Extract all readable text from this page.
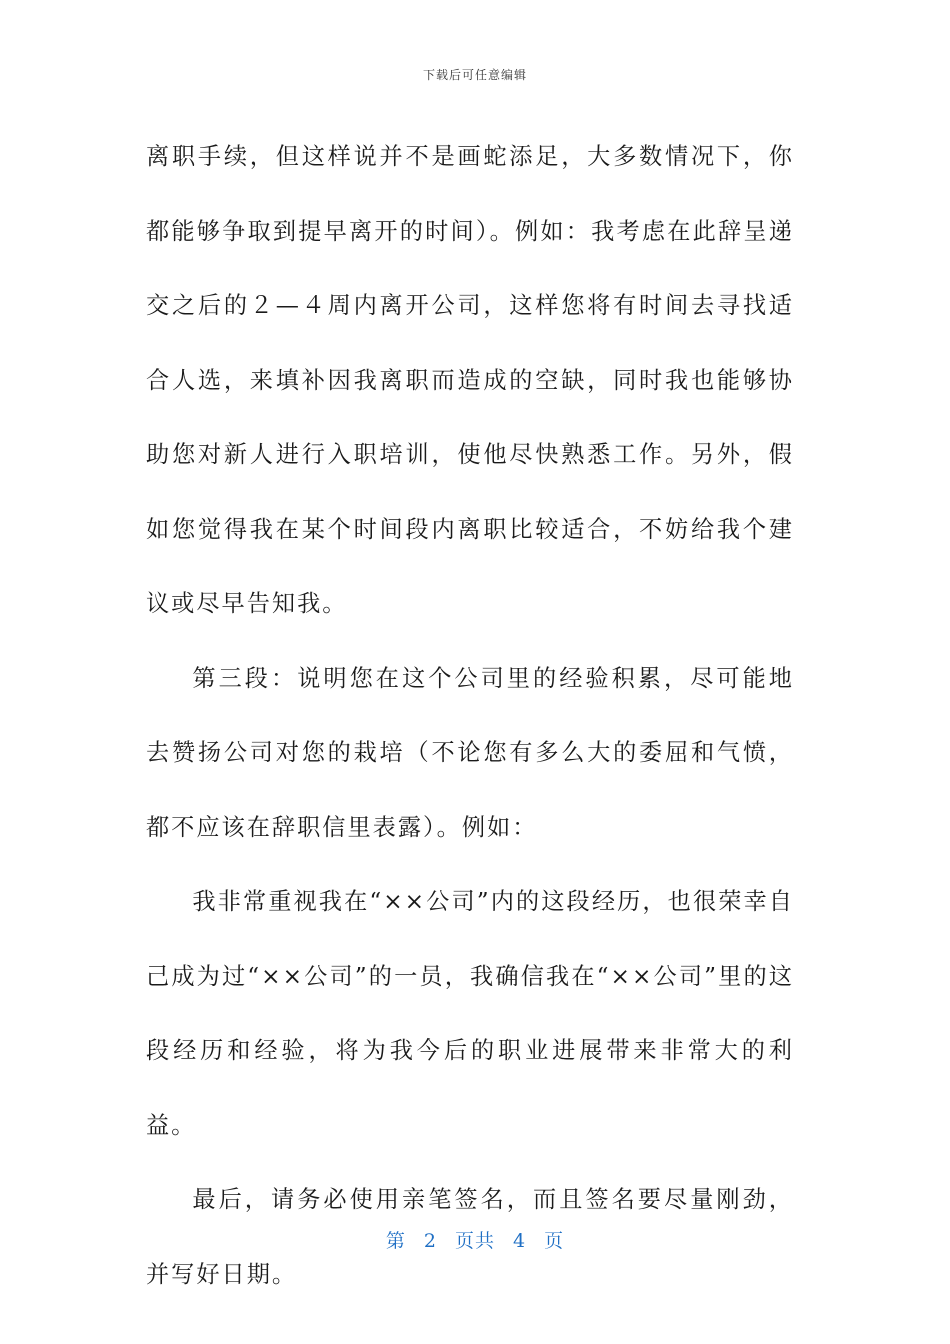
下载后可任意编辑

离职手续，但这样说并不是画蛇添足，大多数情况下，你都能够争取到提早离开的时间）。例如：我考虑在此辞呈递交之后的２—４周内离开公司，这样您将有时间去寻找适合人选，来填补因我离职而造成的空缺，同时我也能够协助您对新人进行入职培训，使他尽快熟悉工作。另外，假如您觉得我在某个时间段内离职比较适合，不妨给我个建议或尽早告知我。

第三段：说明您在这个公司里的经验积累，尽可能地去赞扬公司对您的栽培（不论您有多么大的委屈和气愤，都不应该在辞职信里表露）。例如：

我非常重视我在“××公司”内的这段经历，也很荣幸自己成为过“××公司”的一员，我确信我在“××公司”里的这段经历和经验，将为我今后的职业进展带来非常大的利益。

最后，请务必使用亲笔签名，而且签名要尽量刚劲，并写好日期。

第 2 页共 4 页
